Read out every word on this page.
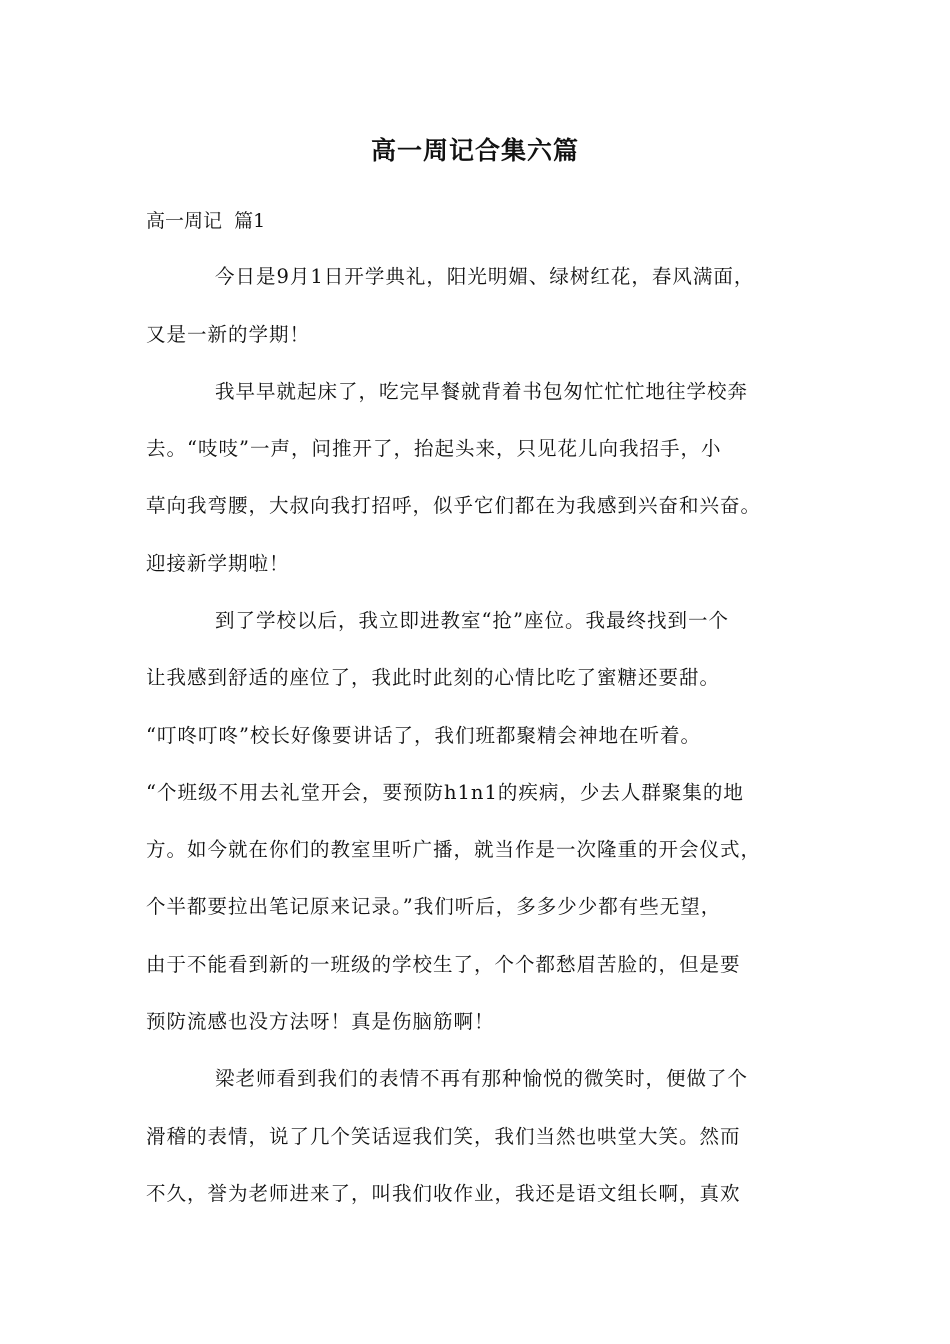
高一周记合集六篇
高一周记  篇1
今日是9月1日开学典礼，阳光明媚、绿树红花，春风满面，
又是一新的学期！
我早早就起床了，吃完早餐就背着书包匆忙忙忙地往学校奔
去。“吱吱”一声，问推开了，抬起头来，只见花儿向我招手，小
草向我弯腰，大叔向我打招呼，似乎它们都在为我感到兴奋和兴奋。
迎接新学期啦！
到了学校以后，我立即进教室“抢”座位。我最终找到一个
让我感到舒适的座位了，我此时此刻的心情比吃了蜜糖还要甜。
“叮咚叮咚”校长好像要讲话了，我们班都聚精会神地在听着。
“个班级不用去礼堂开会，要预防h1n1的疾病，少去人群聚集的地
方。如今就在你们的教室里听广播，就当作是一次隆重的开会仪式，
个半都要拉出笔记原来记录。”我们听后，多多少少都有些无望，
由于不能看到新的一班级的学校生了，个个都愁眉苦脸的，但是要
预防流感也没方法呀！真是伤脑筋啊！
梁老师看到我们的表情不再有那种愉悦的微笑时，便做了个
滑稽的表情，说了几个笑话逗我们笑，我们当然也哄堂大笑。然而
不久，誉为老师进来了，叫我们收作业，我还是语文组长啊，真欢
